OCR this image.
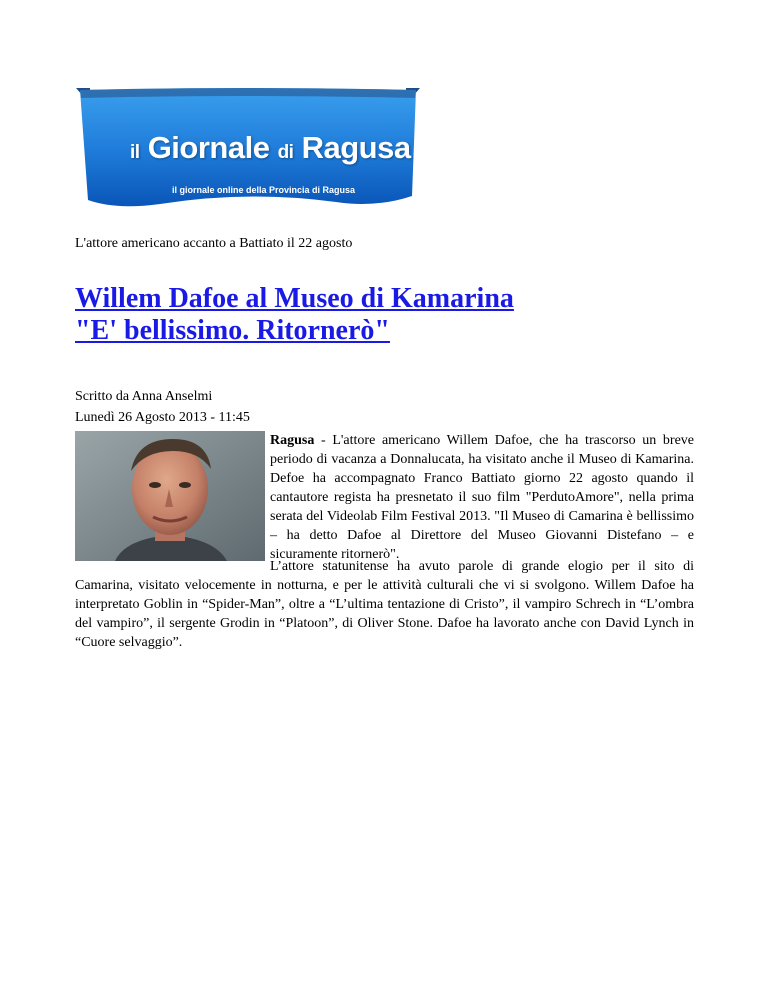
il Giornale di Ragusa
il giornale online della Provincia di Ragusa
L'attore americano accanto a Battiato il 22 agosto
Willem Dafoe al Museo di Kamarina
"E' bellissimo. Ritornerò"
Scritto da Anna Anselmi
Lunedì 26 Agosto 2013 - 11:45

Ragusa - L'attore americano Willem Dafoe, che ha trascorso un breve periodo di vacanza a Donnalucata, ha visitato anche il Museo di Kamarina. Defoe ha accompagnato Franco Battiato giorno 22 agosto quando il cantautore regista ha presnetato il suo film "PerdutoAmore", nella prima serata del Videolab Film Festival 2013. "Il Museo di Camarina è bellissimo – ha detto Dafoe al Direttore del Museo Giovanni Distefano – e sicuramente ritornerò".

L’attore statunitense ha avuto parole di grande elogio per il sito di Camarina, visitato velocemente in notturna, e per le attività culturali che vi si svolgono. Willem Dafoe ha interpretato Goblin in “Spider-Man”, oltre a “L’ultima tentazione di Cristo”, il vampiro Schrech in “L’ombra del vampiro”, il sergente Grodin in “Platoon”, di Oliver Stone. Dafoe ha lavorato anche con David Lynch in “Cuore selvaggio”.
